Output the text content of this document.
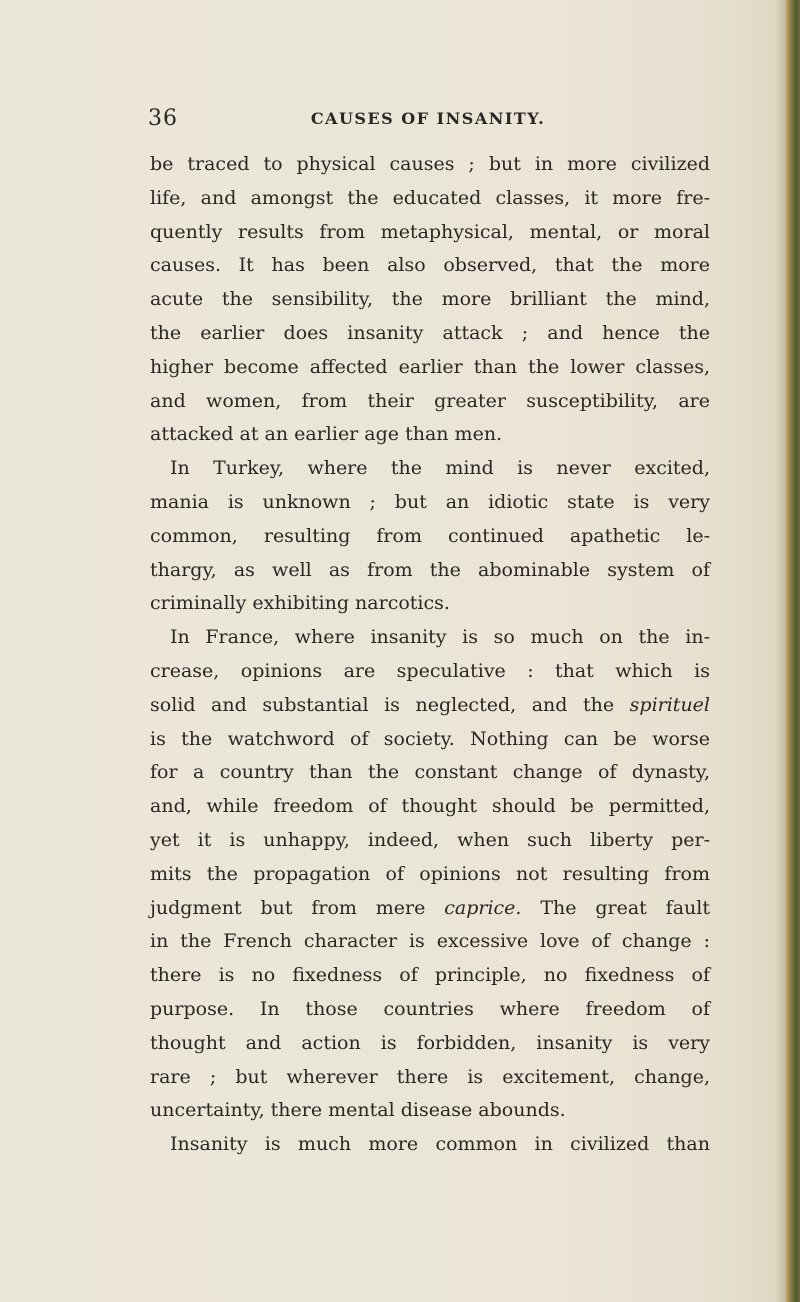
36	CAUSES OF INSANITY.
be traced to physical causes ; but in more civilized
life, and amongst the educated classes, it more fre-
quently results from metaphysical, mental, or moral
causes. It has been also observed, that the more
acute the sensibility, the more brilliant the mind,
the earlier does insanity attack ; and hence the
higher become affected earlier than the lower classes,
and women, from their greater susceptibility, are
attacked at an earlier age than men.
In Turkey, where the mind is never excited,
mania is unknown ; but an idiotic state is very
common, resulting from continued apathetic le-
thargy, as well as from the abominable system of
criminally exhibiting narcotics.
In France, where insanity is so much on the in-
crease, opinions are speculative : that which is
solid and substantial is neglected, and the spirituel
is the watchword of society. Nothing can be worse
for a country than the constant change of dynasty,
and, while freedom of thought should be permitted,
yet it is unhappy, indeed, when such liberty per-
mits the propagation of opinions not resulting from
judgment but from mere caprice. The great fault
in the French character is excessive love of change :
there is no fixedness of principle, no fixedness of
purpose. In those countries where freedom of
thought and action is forbidden, insanity is very
rare ; but wherever there is excitement, change,
uncertainty, there mental disease abounds.
Insanity is much more common in civilized than
